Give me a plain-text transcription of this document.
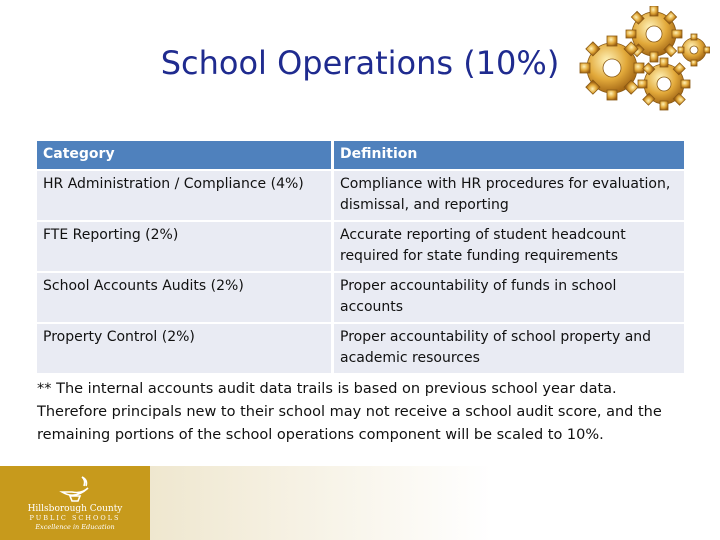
School Operations (10%)
Category	Definition
HR Administration / Compliance (4%)	Compliance with HR procedures for evaluation, dismissal, and reporting
FTE Reporting (2%)	Accurate reporting of student headcount required for state funding requirements
School Accounts Audits (2%)	Proper accountability of funds in school accounts
Property Control (2%)	Proper accountability of school property and academic resources
** The internal accounts audit data trails is based on previous school year data. Therefore principals new to their school may not receive a school audit score, and the remaining portions of the school operations component will be scaled to 10%.
Hillsborough County
PUBLIC SCHOOLS
Excellence in Education
